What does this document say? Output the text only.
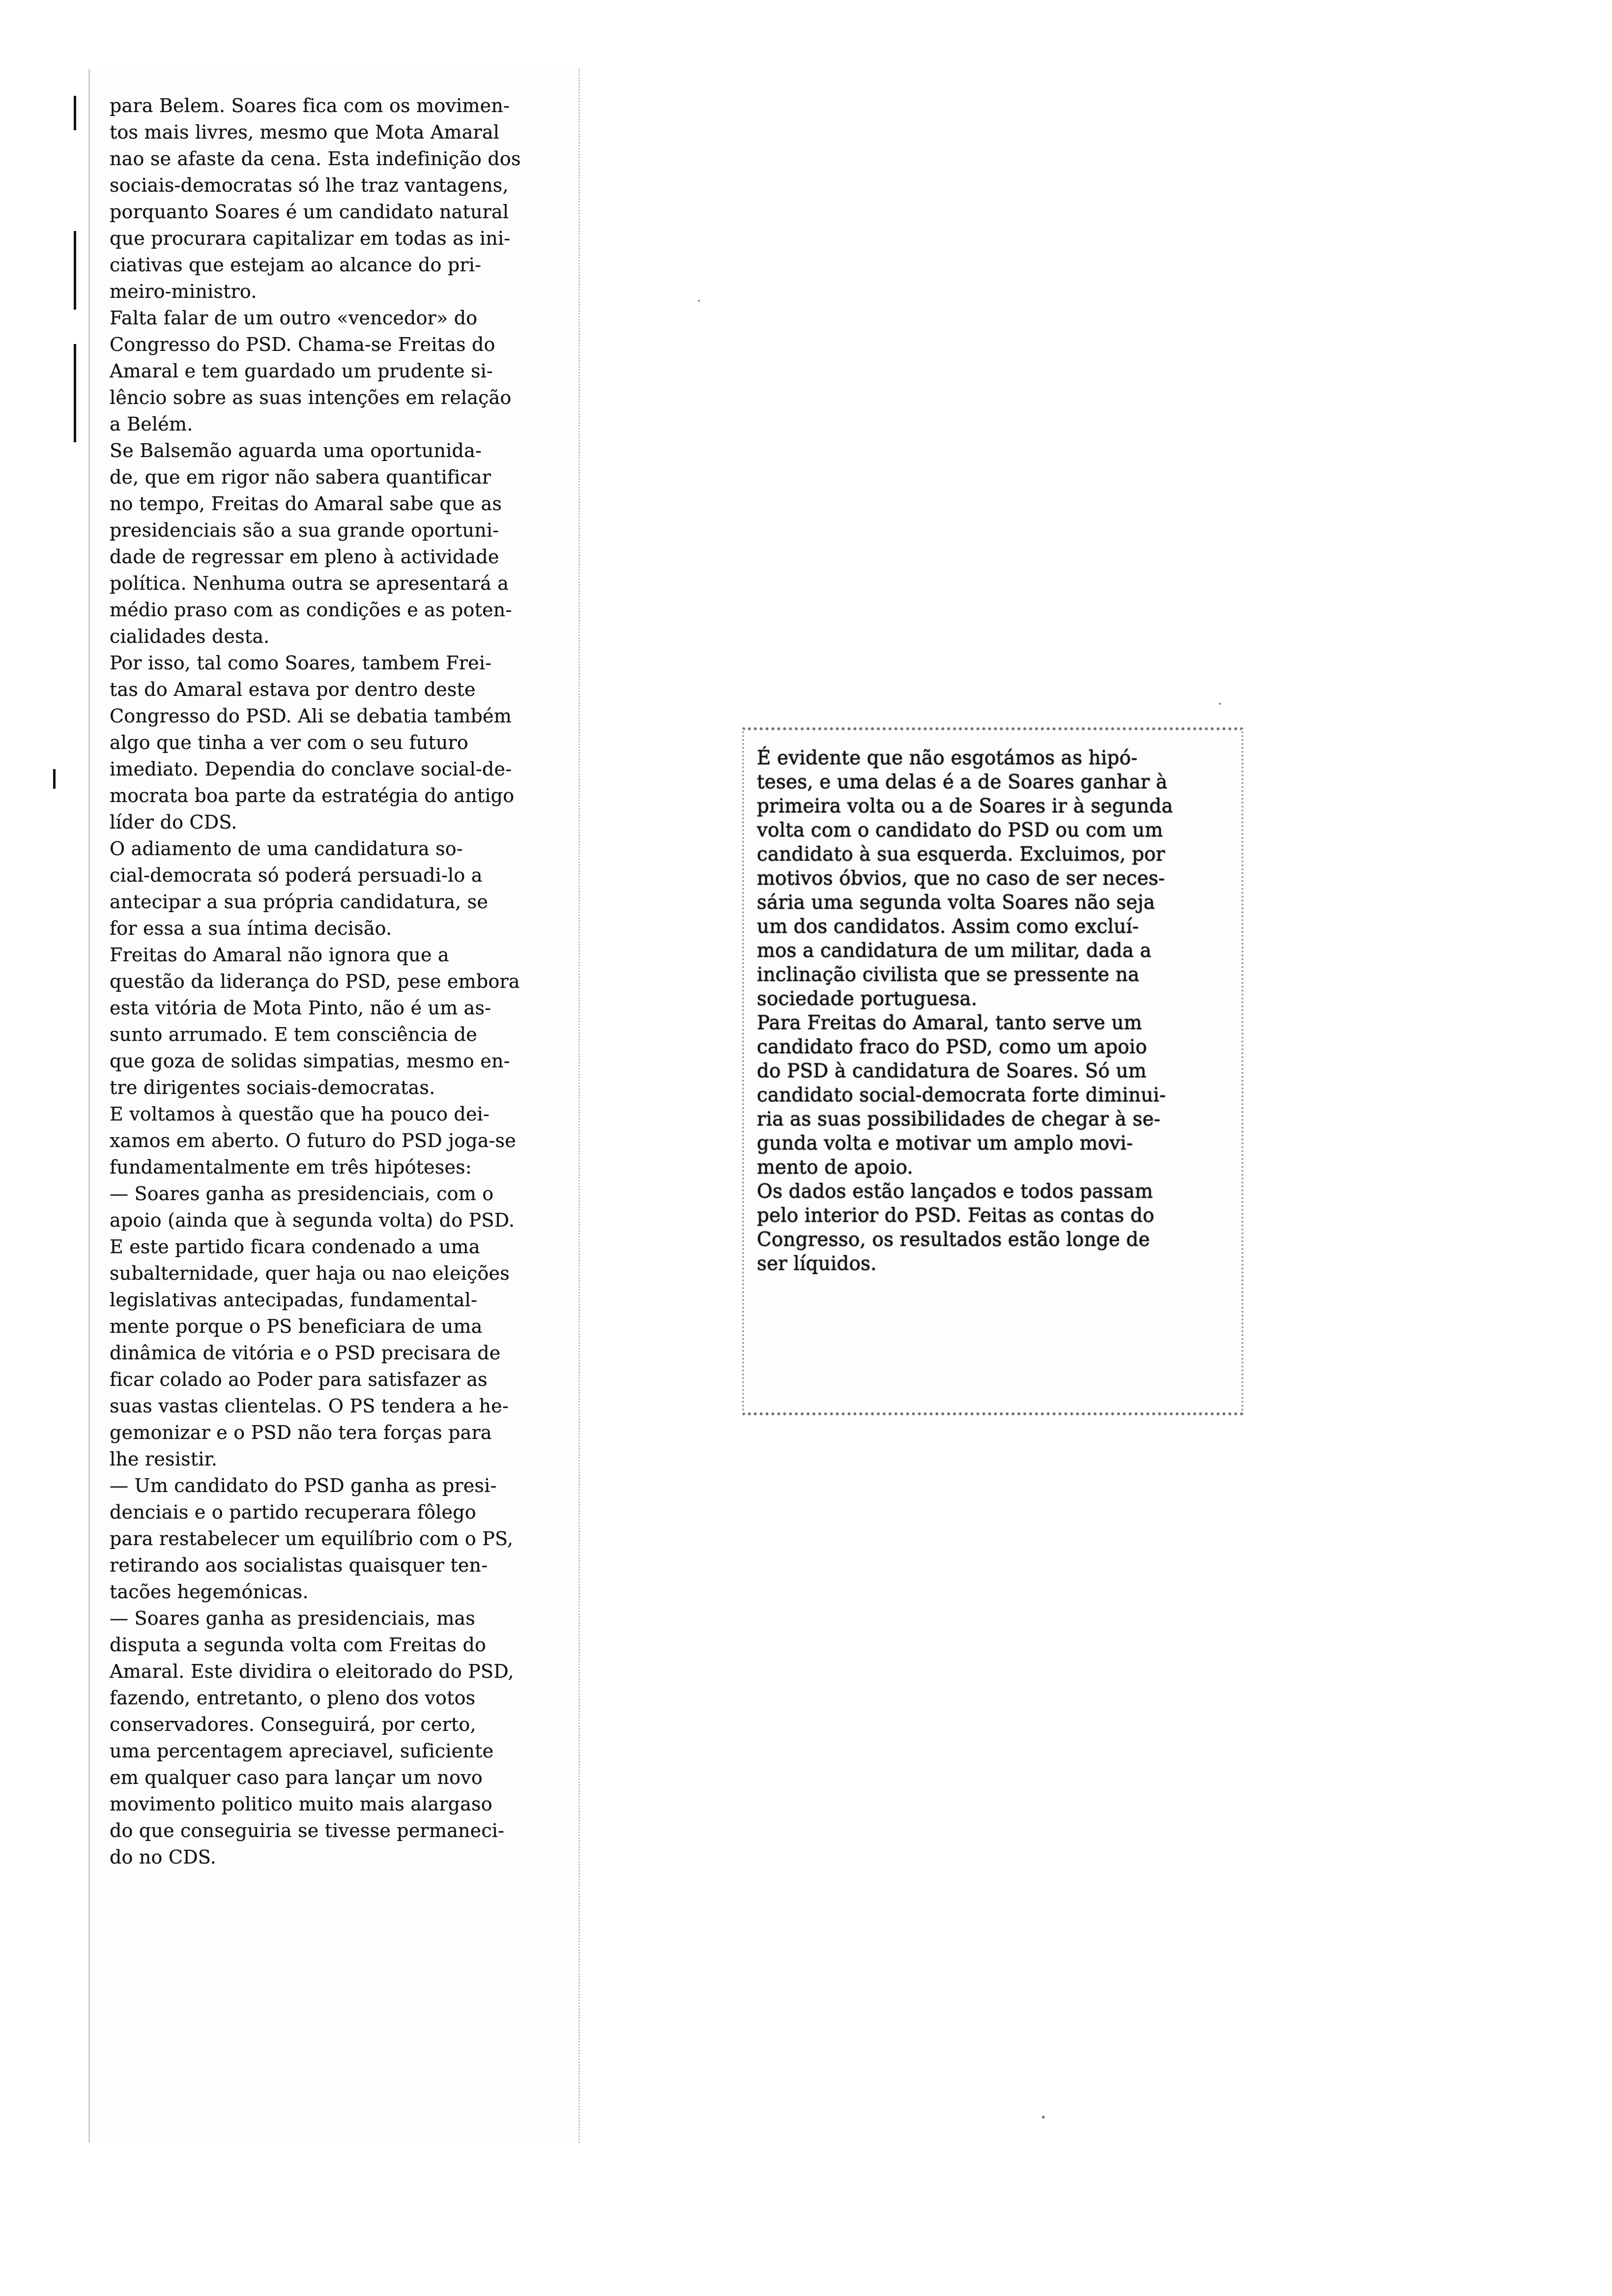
para Belem. Soares fica com os movimen-
tos mais livres, mesmo que Mota Amaral
nao se afaste da cena. Esta indefinição dos
sociais-democratas só lhe traz vantagens,
porquanto Soares é um candidato natural
que procurara capitalizar em todas as ini-
ciativas que estejam ao alcance do pri-
meiro-ministro.
Falta falar de um outro «vencedor» do
Congresso do PSD. Chama-se Freitas do
Amaral e tem guardado um prudente si-
lêncio sobre as suas intenções em relação
a Belém.
Se Balsemão aguarda uma oportunida-
de, que em rigor não sabera quantificar
no tempo, Freitas do Amaral sabe que as
presidenciais são a sua grande oportuni-
dade de regressar em pleno à actividade
política. Nenhuma outra se apresentará a
médio praso com as condições e as poten-
cialidades desta.
Por isso, tal como Soares, tambem Frei-
tas do Amaral estava por dentro deste
Congresso do PSD. Ali se debatia também
algo que tinha a ver com o seu futuro
imediato. Dependia do conclave social-de-
mocrata boa parte da estratégia do antigo
líder do CDS.
O adiamento de uma candidatura so-
cial-democrata só poderá persuadi-lo a
antecipar a sua própria candidatura, se
for essa a sua íntima decisão.
Freitas do Amaral não ignora que a
questão da liderança do PSD, pese embora
esta vitória de Mota Pinto, não é um as-
sunto arrumado. E tem consciência de
que goza de solidas simpatias, mesmo en-
tre dirigentes sociais-democratas.
E voltamos à questão que ha pouco dei-
xamos em aberto. O futuro do PSD joga-se
fundamentalmente em três hipóteses:
— Soares ganha as presidenciais, com o
apoio (ainda que à segunda volta) do PSD.
E este partido ficara condenado a uma
subalternidade, quer haja ou nao eleições
legislativas antecipadas, fundamental-
mente porque o PS beneficiara de uma
dinâmica de vitória e o PSD precisara de
ficar colado ao Poder para satisfazer as
suas vastas clientelas. O PS tendera a he-
gemonizar e o PSD não tera forças para
lhe resistir.
— Um candidato do PSD ganha as presi-
denciais e o partido recuperara fôlego
para restabelecer um equilíbrio com o PS,
retirando aos socialistas quaisquer ten-
tacões hegemónicas.
— Soares ganha as presidenciais, mas
disputa a segunda volta com Freitas do
Amaral. Este dividira o eleitorado do PSD,
fazendo, entretanto, o pleno dos votos
conservadores. Conseguirá, por certo,
uma percentagem apreciavel, suficiente
em qualquer caso para lançar um novo
movimento politico muito mais alargaso
do que conseguiria se tivesse permaneci-
do no CDS.
É evidente que não esgotámos as hipó-
teses, e uma delas é a de Soares ganhar à
primeira volta ou a de Soares ir à segunda
volta com o candidato do PSD ou com um
candidato à sua esquerda. Excluimos, por
motivos óbvios, que no caso de ser neces-
sária uma segunda volta Soares não seja
um dos candidatos. Assim como excluí-
mos a candidatura de um militar, dada a
inclinação civilista que se pressente na
sociedade portuguesa.
Para Freitas do Amaral, tanto serve um
candidato fraco do PSD, como um apoio
do PSD à candidatura de Soares. Só um
candidato social-democrata forte diminui-
ria as suas possibilidades de chegar à se-
gunda volta e motivar um amplo movi-
mento de apoio.
Os dados estão lançados e todos passam
pelo interior do PSD. Feitas as contas do
Congresso, os resultados estão longe de
ser líquidos.
